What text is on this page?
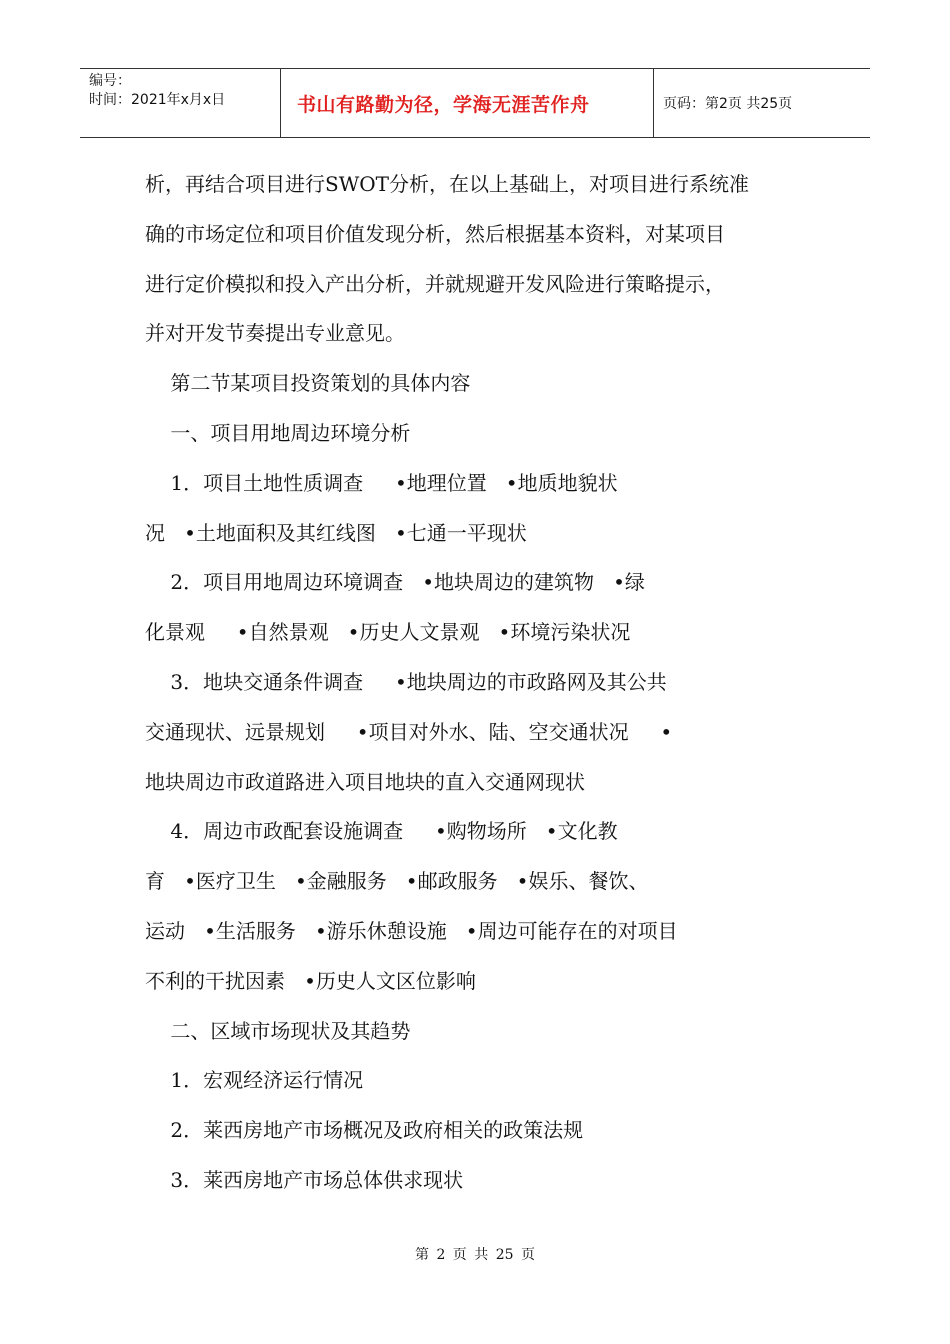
编号：
时间：2021年x月x日	书山有路勤为径，学海无涯苦作舟	页码：第2页 共25页
析，再结合项目进行SWOT分析，在以上基础上，对项目进行系统准
确的市场定位和项目价值发现分析，然后根据基本资料，对某项目
进行定价模拟和投入产出分析，并就规避开发风险进行策略提示，
并对开发节奏提出专业意见。
第二节某项目投资策划的具体内容
一、项目用地周边环境分析
1．项目土地性质调查     •地理位置   •地质地貌状
况   •土地面积及其红线图   •七通一平现状
2．项目用地周边环境调查   •地块周边的建筑物   •绿
化景观     •自然景观   •历史人文景观   •环境污染状况
3．地块交通条件调查     •地块周边的市政路网及其公共
交通现状、远景规划     •项目对外水、陆、空交通状况     •
地块周边市政道路进入项目地块的直入交通网现状
4．周边市政配套设施调查     •购物场所   •文化教
育   •医疗卫生   •金融服务   •邮政服务   •娱乐、餐饮、
运动   •生活服务   •游乐休憩设施   •周边可能存在的对项目
不利的干扰因素   •历史人文区位影响
二、区域市场现状及其趋势
1．宏观经济运行情况
2．莱西房地产市场概况及政府相关的政策法规
3．莱西房地产市场总体供求现状
第 2 页 共 25 页
